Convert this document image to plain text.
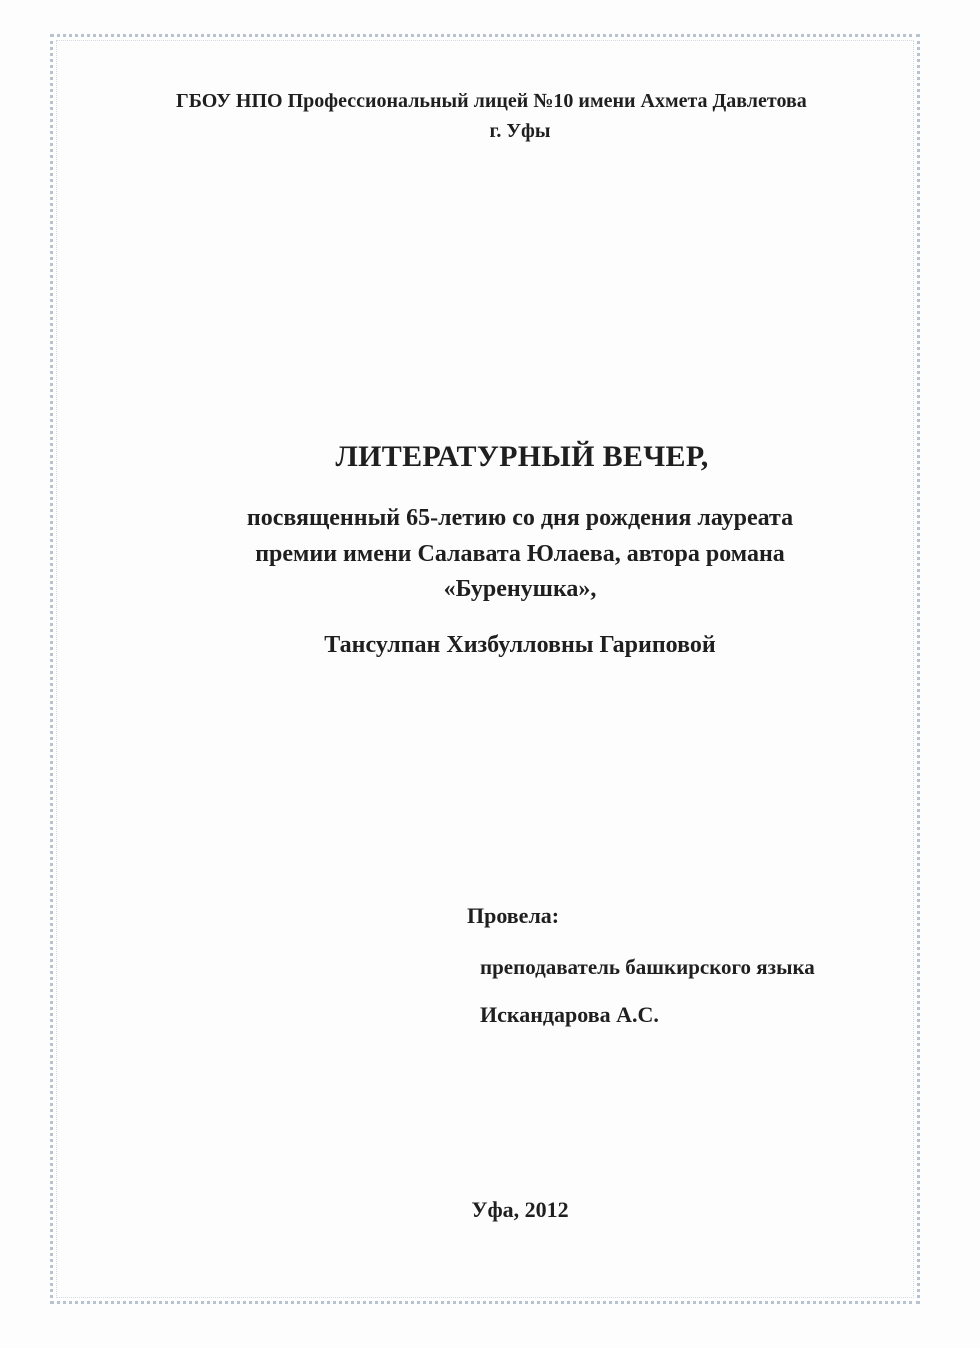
ГБОУ НПО Профессиональный лицей №10 имени Ахмета Давлетова
г. Уфы
ЛИТЕРАТУРНЫЙ ВЕЧЕР,
посвященный 65-летию со дня рождения лауреата
премии имени Салавата Юлаева, автора романа
«Буренушка»,
Тансулпан Хизбулловны Гариповой
Провела:
преподаватель башкирского языка
Искандарова А.С.
Уфа, 2012
